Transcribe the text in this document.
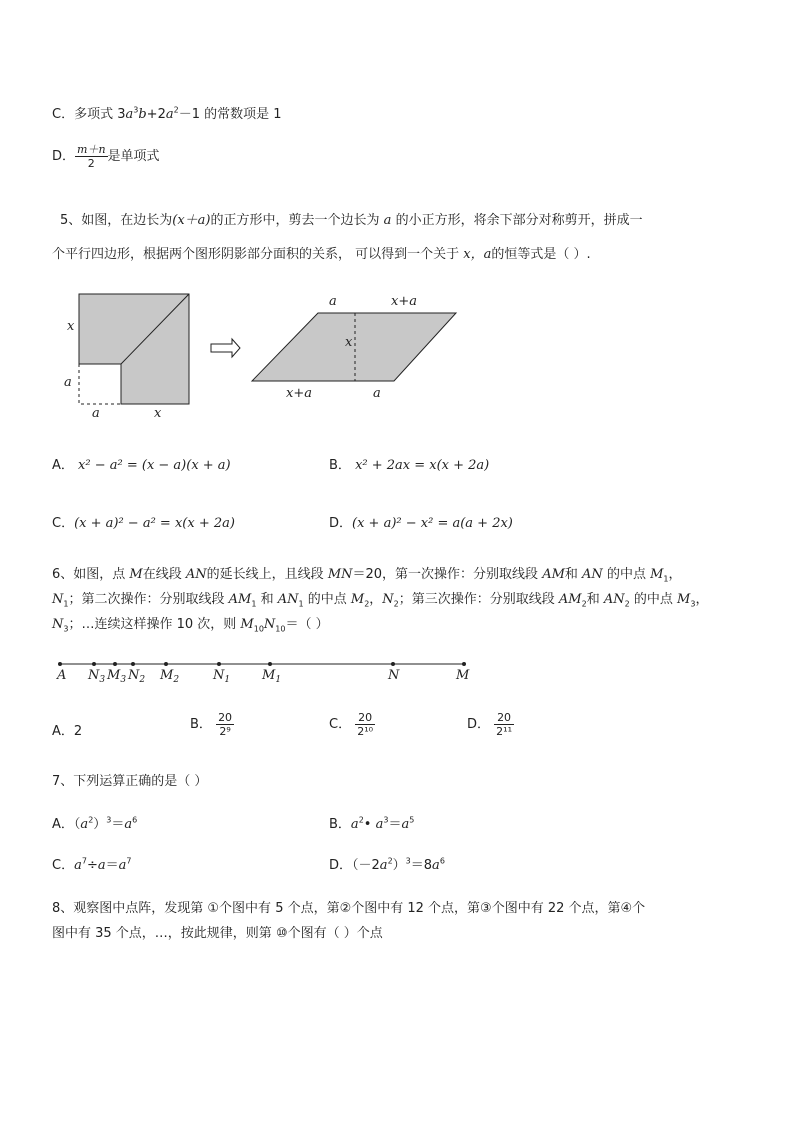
C．多项式 $3a^3b+2a^2-1$ 的常数项是 1
D． $\frac{m+n}{2}$ 是单项式
5、如图，在边长为(x＋a)的正方形中，剪去一个边长为 a 的小正方形，将余下部分对称剪开，拼成一
个平行四边形，根据两个图形阴影部分面积的关系， 可以得到一个关于 x，a的恒等式是（ ）.
x
a
a	x
a	x+a
x
x+a	a
A． x² − a² = (x − a)(x + a)	B． x² + 2ax = x(x + 2a)
C．(x + a)² − a² = x(x + 2a)	D．(x + a)² − x² = a(a + 2x)
6、如图，点 M在线段 AN的延长线上，且线段 MN＝20，第一次操作：分别取线段 AM和 AN 的中点 $M_1$，
$N_1$；第二次操作：分别取线段 $AM_1$ 和 $AN_1$ 的中点 $M_2$，$N_2$；第三次操作：分别取线段 $AM_2$和 $AN_2$ 的中点 $M_3$，
$N_3$；…连续这样操作 10 次，则 $M_{10}N_{10}=$（ ）
A $N_3$ $M_3$ $N_2$ $M_2$	$N_1$ $M_1$	N	M
A．2	B． $\frac{20}{\text{2⁹}}$	C． $\frac{20}{\text{2¹⁰}}$	D． $\frac{20}{\text{2¹¹}}$
7、下列运算正确的是（ ）
A．$(a^2)^3=a^6$	B．$a^2•$ $a^3=a^5$
C．$a^7\div a=a^7$	D．$(-2a^2)^3=8a^6$
8、观察图中点阵，发现第 ①个图中有 5 个点，第②个图中有 12 个点，第③个图中有 22 个点，第④个
图中有 35 个点，…，按此规律，则第 ⑩个图有（ ）个点
